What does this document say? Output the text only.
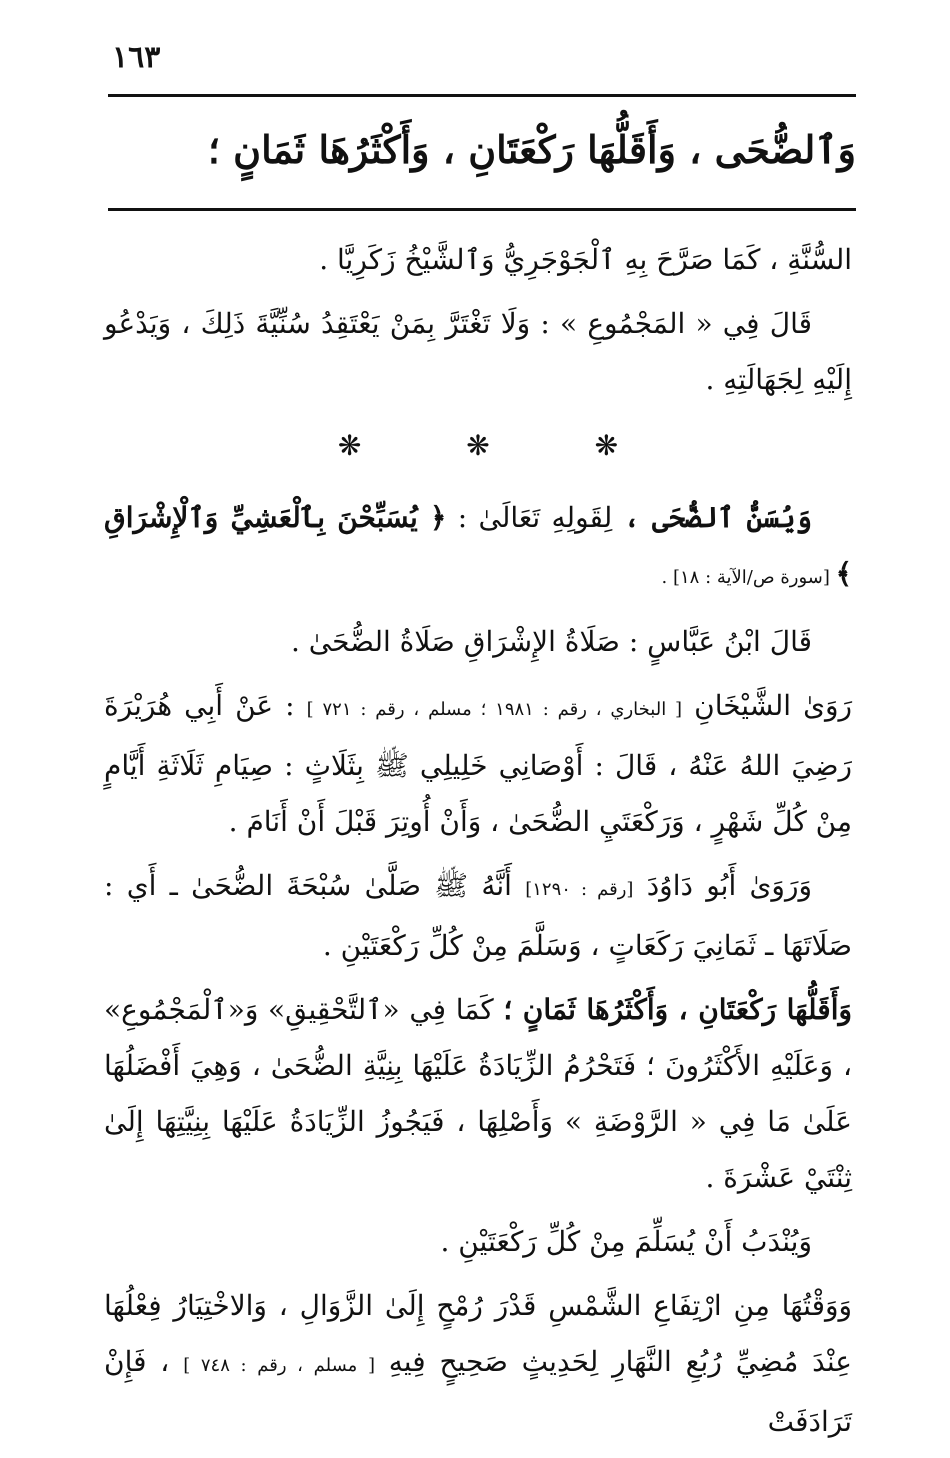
١٦٣
وَٱلضُّحَى ، وَأَقَلُّهَا رَكْعَتَانِ ، وَأَكْثَرُهَا ثَمَانٍ ؛

السُّنَّةِ ، كَمَا صَرَّحَ بِهِ ٱلْجَوْجَرِيُّ وَٱلشَّيْخُ زَكَرِيَّا .

قَالَ فِي « المَجْمُوعِ » : وَلَا تَغْتَرَّ بِمَنْ يَعْتَقِدُ سُنِّيَّةَ ذَلِكَ ، وَيَدْعُو إِلَيْهِ لِجَهَالَتِهِ .

❋	❋	❋

وَيُسَنُّ ٱلضُّحَى ، لِقَولِهِ تَعَالَىٰ : ﴿ يُسَبِّحْنَ بِٱلْعَشِيِّ وَٱلْإِشْرَاقِ ﴾ [سورة ص/الآية : ١٨] .

قَالَ ابْنُ عَبَّاسٍ : صَلَاةُ الإِشْرَاقِ صَلَاةُ الضُّحَىٰ .

رَوَىٰ الشَّيْخَانِ [ البخاري ، رقم : ١٩٨١ ؛ مسلم ، رقم : ٧٢١ ] : عَنْ أَبِي هُرَيْرَةَ رَضِيَ اللهُ عَنْهُ ، قَالَ : أَوْصَانِي خَلِيلِي ﷺ بِثَلَاثٍ : صِيَامِ ثَلَاثَةِ أَيَّامٍ مِنْ كُلِّ شَهْرٍ ، وَرَكْعَتَيِ الضُّحَىٰ ، وَأَنْ أُوتِرَ قَبْلَ أَنْ أَنَامَ .

وَرَوَىٰ أَبُو دَاوُدَ [رقم : ١٢٩٠] أَنَّهُ ﷺ صَلَّىٰ سُبْحَةَ الضُّحَىٰ ـ أَي : صَلَاتَهَا ـ ثَمَانِيَ رَكَعَاتٍ ، وَسَلَّمَ مِنْ كُلِّ رَكْعَتَيْنِ .

وَأَقَلُّهَا رَكْعَتَانِ ، وَأَكْثَرُهَا ثَمَانٍ ؛ كَمَا فِي «ٱلتَّحْقِيقِ» وَ«ٱلْمَجْمُوعِ» ، وَعَلَيْهِ الأَكْثَرُونَ ؛ فَتَحْرُمُ الزِّيَادَةُ عَلَيْهَا بِنِيَّةِ الضُّحَىٰ ، وَهِيَ أَفْضَلُهَا عَلَىٰ مَا فِي « الرَّوْضَةِ » وَأَصْلِهَا ، فَيَجُوزُ الزِّيَادَةُ عَلَيْهَا بِنِيَّتِهَا إِلَىٰ ثِنْتَيْ عَشْرَةَ .

وَيُنْدَبُ أَنْ يُسَلِّمَ مِنْ كُلِّ رَكْعَتَيْنِ .

وَوَقْتُهَا مِنِ ارْتِفَاعِ الشَّمْسِ قَدْرَ رُمْحٍ إِلَىٰ الزَّوَالِ ، وَالاخْتِيَارُ فِعْلُهَا عِنْدَ مُضِيِّ رُبُعِ النَّهَارِ لِحَدِيثٍ صَحِيحٍ فِيهِ [ مسلم ، رقم : ٧٤٨ ] ، فَإِنْ تَرَادَفَتْ
